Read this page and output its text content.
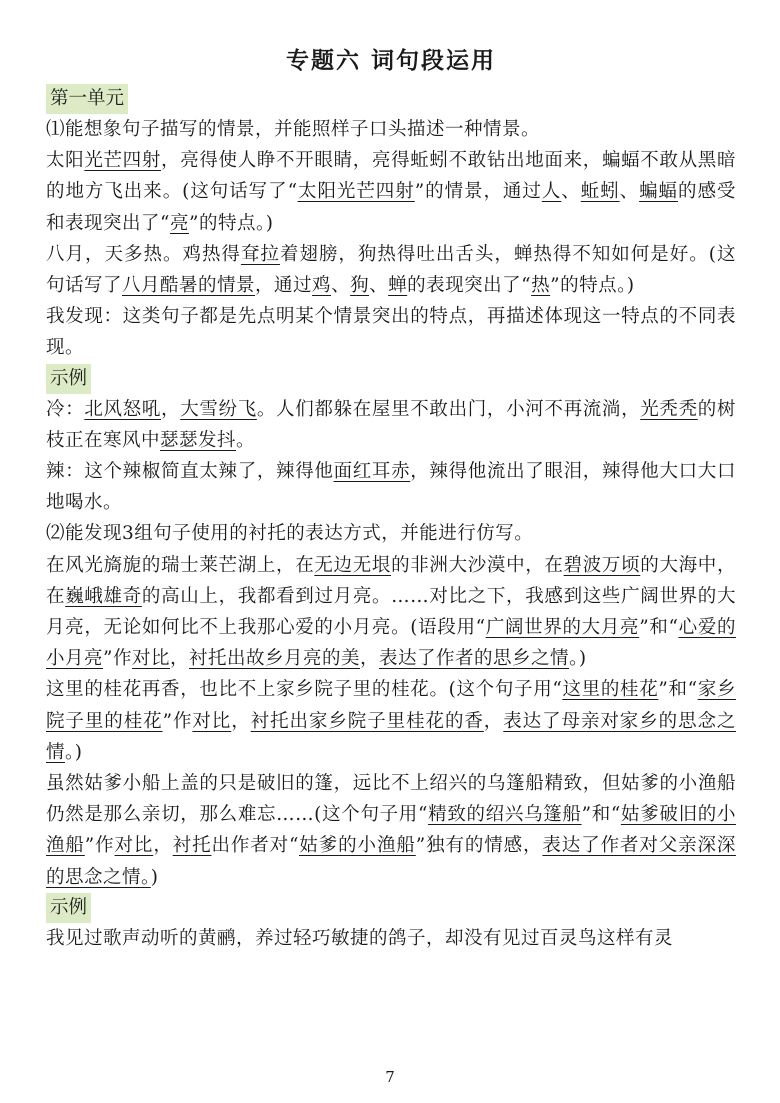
专题六 词句段运用
第一单元

⑴能想象句子描写的情景，并能照样子口头描述一种情景。

太阳光芒四射，亮得使人睁不开眼睛，亮得蚯蚓不敢钻出地面来，蝙蝠不敢从黑暗的地方飞出来。(这句话写了“太阳光芒四射”的情景，通过人、蚯蚓、蝙蝠的感受和表现突出了“亮”的特点。)

八月，天多热。鸡热得耷拉着翅膀，狗热得吐出舌头，蝉热得不知如何是好。(这句话写了八月酷暑的情景，通过鸡、狗、蝉的表现突出了“热”的特点。)

我发现：这类句子都是先点明某个情景突出的特点，再描述体现这一特点的不同表现。

示例

冷：北风怒吼，大雪纷飞。人们都躲在屋里不敢出门，小河不再流淌，光秃秃的树枝正在寒风中瑟瑟发抖。

辣：这个辣椒简直太辣了，辣得他面红耳赤，辣得他流出了眼泪，辣得他大口大口地喝水。

⑵能发现3组句子使用的衬托的表达方式，并能进行仿写。

在风光旖旎的瑞士莱芒湖上，在无边无垠的非洲大沙漠中，在碧波万顷的大海中，在巍峨雄奇的高山上，我都看到过月亮。……对比之下，我感到这些广阔世界的大月亮，无论如何比不上我那心爱的小月亮。(语段用“广阔世界的大月亮”和“心爱的小月亮”作对比，衬托出故乡月亮的美，表达了作者的思乡之情。)

这里的桂花再香，也比不上家乡院子里的桂花。(这个句子用“这里的桂花”和“家乡院子里的桂花”作对比，衬托出家乡院子里桂花的香，表达了母亲对家乡的思念之情。)

虽然姑爹小船上盖的只是破旧的篷，远比不上绍兴的乌篷船精致，但姑爹的小渔船仍然是那么亲切，那么难忘……(这个句子用“精致的绍兴乌篷船”和“姑爹破旧的小渔船”作对比，衬托出作者对“姑爹的小渔船”独有的情感，表达了作者对父亲深深的思念之情。)

示例

我见过歌声动听的黄鹂，养过轻巧敏捷的鸽子，却没有见过百灵鸟这样有灵

7
